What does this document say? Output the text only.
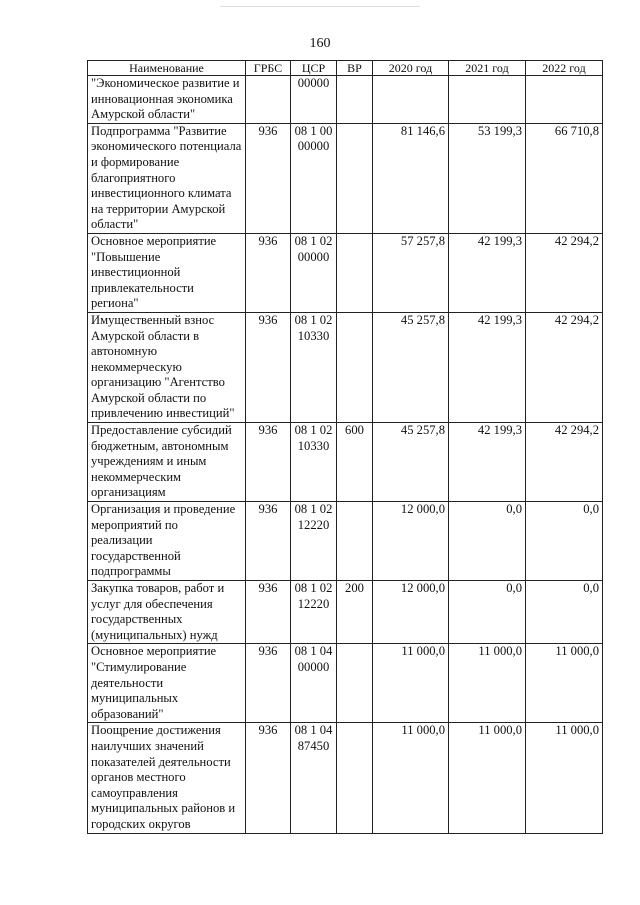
160
Наименование	ГРБС	ЦСР	ВР	2020 год	2021 год	2022 год
"Экономическое развитие и инновационная экономика Амурской области"		00000				
Подпрограмма "Развитие экономического потенциала и формирование благоприятного инвестиционного климата на территории Амурской области"	936	08 1 00 00000		81 146,6	53 199,3	66 710,8
Основное мероприятие "Повышение инвестиционной привлекательности региона"	936	08 1 02 00000		57 257,8	42 199,3	42 294,2
Имущественный взнос Амурской области в автономную некоммерческую организацию "Агентство Амурской области по привлечению инвестиций"	936	08 1 02 10330		45 257,8	42 199,3	42 294,2
Предоставление субсидий бюджетным, автономным учреждениям и иным некоммерческим организациям	936	08 1 02 10330	600	45 257,8	42 199,3	42 294,2
Организация и проведение мероприятий по реализации государственной подпрограммы	936	08 1 02 12220		12 000,0	0,0	0,0
Закупка товаров, работ и услуг для обеспечения государственных (муниципальных) нужд	936	08 1 02 12220	200	12 000,0	0,0	0,0
Основное мероприятие "Стимулирование деятельности муниципальных образований"	936	08 1 04 00000		11 000,0	11 000,0	11 000,0
Поощрение достижения наилучших значений показателей деятельности органов местного самоуправления муниципальных районов и городских округов	936	08 1 04 87450		11 000,0	11 000,0	11 000,0
